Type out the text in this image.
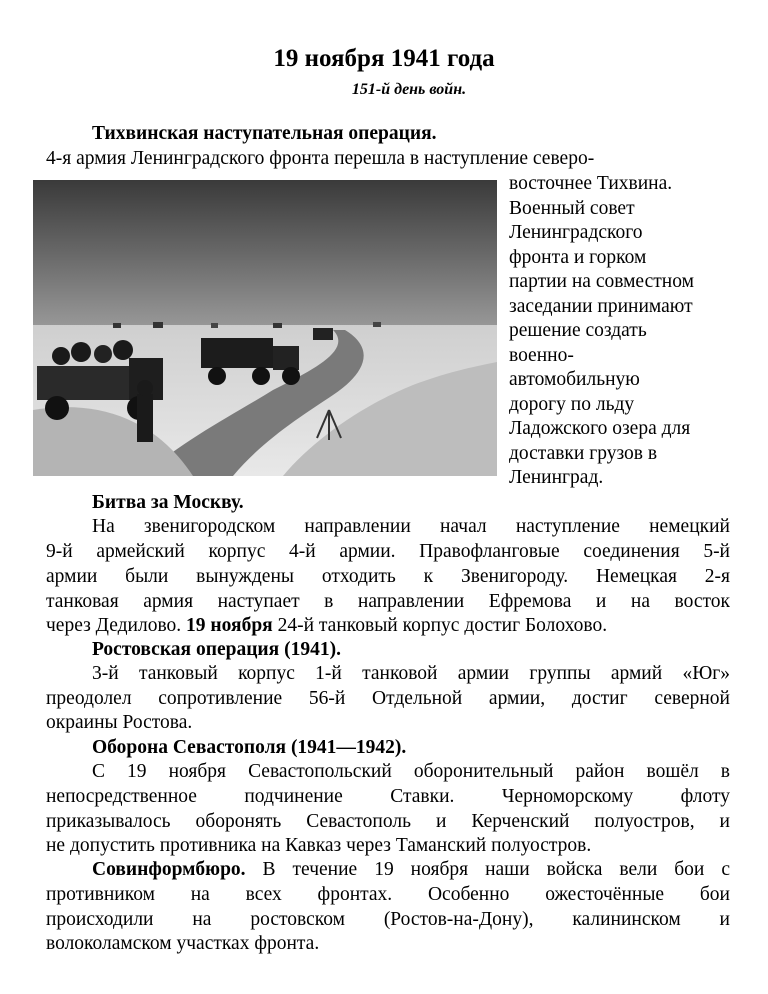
19 ноября 1941 года
151-й день войн.
Тихвинская наступательная операция.
4-я армия Ленинградского фронта перешла в наступление северо-
восточнее Тихвина.
Военный совет
Ленинградского
фронта и горком
партии на совместном
заседании принимают
решение создать
военно-
автомобильную
дорогу по льду
Ладожского озера для
доставки грузов в
Ленинград.
Битва за Москву.
На звенигородском направлении начал наступление немецкий
9-й армейский корпус 4-й армии. Правофланговые соединения 5-й
армии были вынуждены отходить к Звенигороду. Немецкая 2-я
танковая армия наступает в направлении Ефремова и на восток
через Дедилово. 19 ноября 24-й танковый корпус достиг Болохово.
Ростовская операция (1941).
3-й танковый корпус 1-й танковой армии группы армий «Юг»
преодолел сопротивление 56-й Отдельной армии, достиг северной
окраины Ростова.
Оборона Севастополя (1941—1942).
С 19 ноября Севастопольский оборонительный район вошёл в
непосредственное подчинение Ставки. Черноморскому флоту
приказывалось оборонять Севастополь и Керченский полуостров, и
не допустить противника на Кавказ через Таманский полуостров.
Совинформбюро. В течение 19 ноября наши войска вели бои с
противником на всех фронтах. Особенно ожесточённые бои
происходили на ростовском (Ростов-на-Дону), калининском и
волоколамском участках фронта.
